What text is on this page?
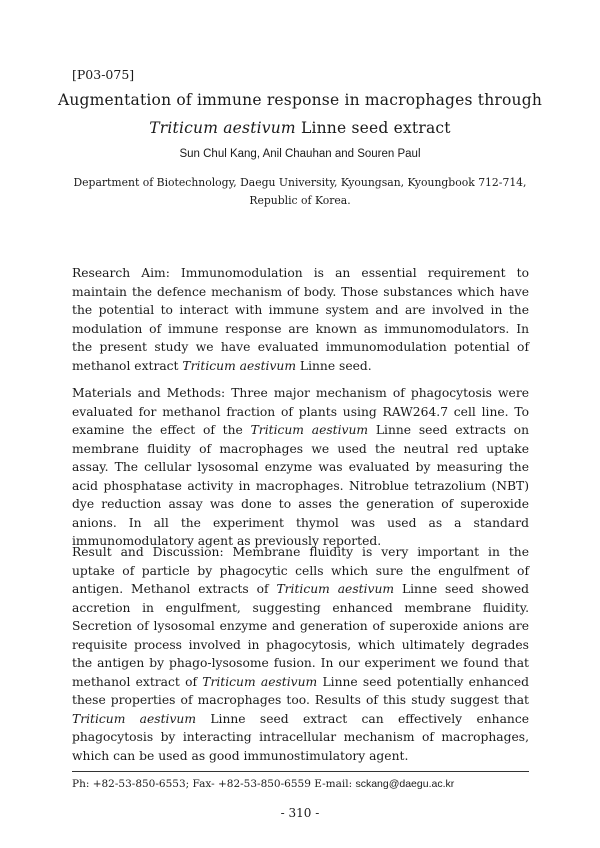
[P03-075]
Augmentation of immune response in macrophages through
Triticum aestivum Linne seed extract
Sun Chul Kang, Anil Chauhan and Souren Paul
Department of Biotechnology, Daegu University, Kyoungsan, Kyoungbook 712-714, Republic of Korea.

Research Aim: Immunomodulation is an essential requirement to maintain the defence mechanism of body. Those substances which have the potential to interact with immune system and are involved in the modulation of immune response are known as immunomodulators. In the present study we have evaluated immunomodulation potential of methanol extract Triticum aestivum Linne seed.

Materials and Methods: Three major mechanism of phagocytosis were evaluated for methanol fraction of plants using RAW264.7 cell line. To examine the effect of the Triticum aestivum Linne seed extracts on membrane fluidity of macrophages we used the neutral red uptake assay. The cellular lysosomal enzyme was evaluated by measuring the acid phosphatase activity in macrophages. Nitroblue tetrazolium (NBT) dye reduction assay was done to asses the generation of superoxide anions. In all the experiment thymol was used as a standard immunomodulatory agent as previously reported.

Result and Discussion: Membrane fluidity is very important in the uptake of particle by phagocytic cells which sure the engulfment of antigen. Methanol extracts of Triticum aestivum Linne seed showed accretion in engulfment, suggesting enhanced membrane fluidity. Secretion of lysosomal enzyme and generation of superoxide anions are requisite process involved in phagocytosis, which ultimately degrades the antigen by phago-lysosome fusion. In our experiment we found that methanol extract of Triticum aestivum Linne seed potentially enhanced these properties of macrophages too. Results of this study suggest that Triticum aestivum Linne seed extract can effectively enhance phagocytosis by interacting intracellular mechanism of macrophages, which can be used as good immunostimulatory agent.

Ph: +82-53-850-6553; Fax- +82-53-850-6559 E-mail: sckang@daegu.ac.kr
- 310 -
